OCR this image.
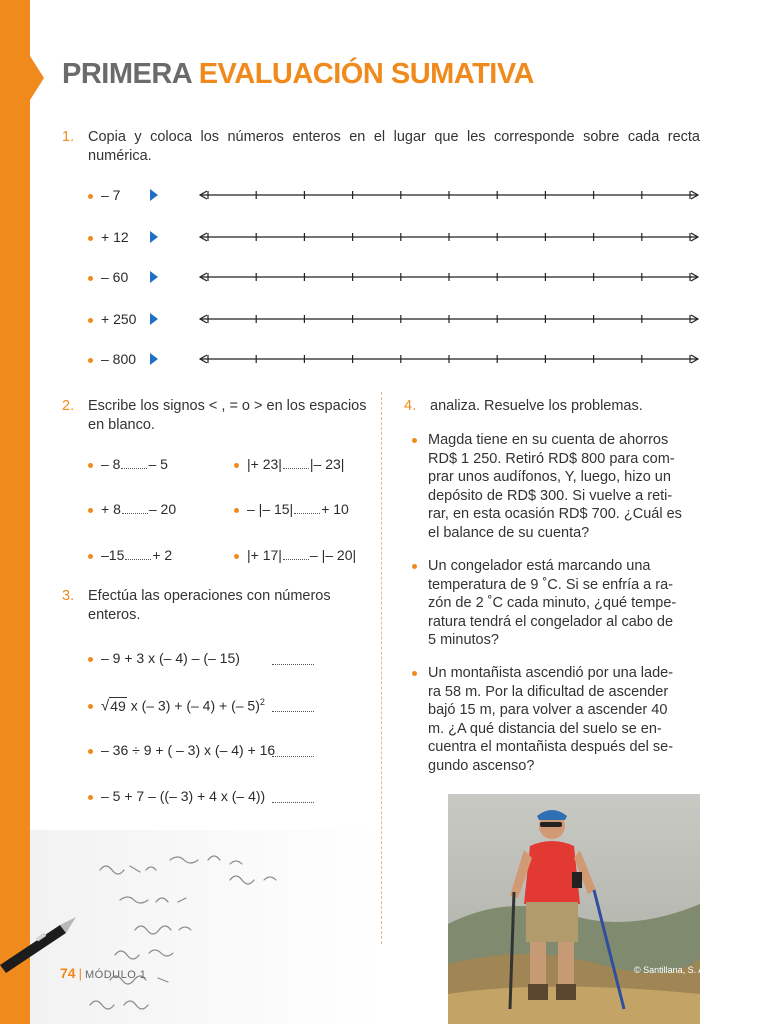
PRIMERA EVALUACIÓN SUMATIVA
1. Copia y coloca los números enteros en el lugar que les corresponde sobre cada recta numérica.
– 7
+ 12
– 60
+ 250
– 800
2. Escribe los signos < , = o > en los espacios en blanco.
– 8 – 5
+ 8 – 20
–15 + 2
|+ 23| |– 23|
– |– 15| + 10
|+ 17| – |– 20|
3. Efectúa las operaciones con números enteros.
– 9 + 3 x (– 4) – (– 15)
√49 x (– 3) + (– 4) + (– 5)$^2$
– 36 ÷ 9 + ( – 3) x (– 4) + 16
– 5 + 7 – ((– 3) + 4 x (– 4))
4. analiza. Resuelve los problemas.
Magda tiene en su cuenta de ahorros
RD$ 1 250. Retiró RD$ 800 para com-
prar unos audífonos, Y, luego, hizo un
depósito de RD$ 300. Si vuelve a reti-
rar, en esta ocasión RD$ 700. ¿Cuál es
el balance de su cuenta?
Un congelador está marcando una
temperatura de 9 ˚C. Si se enfría a ra-
zón de 2 ˚C cada minuto, ¿qué tempe-
ratura tendrá el congelador al cabo de
5 minutos?
Un montañista ascendió por una lade-
ra 58 m. Por la dificultad de ascender
bajó 15 m, para volver a ascender 40
m. ¿A qué distancia del suelo se en-
cuentra el montañista después del se-
gundo ascenso?
74 | MÓDULO 1	© Santillana, S. A.
